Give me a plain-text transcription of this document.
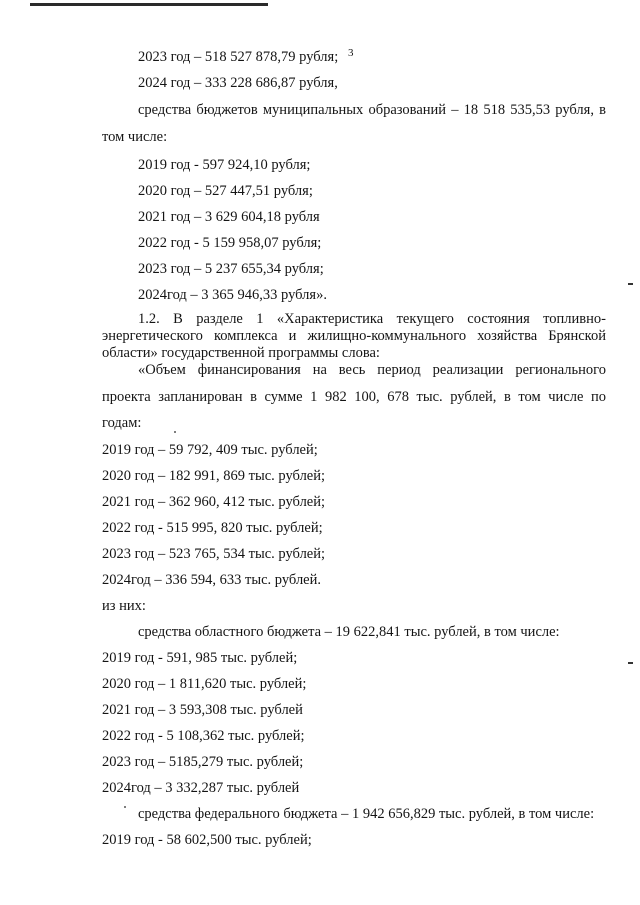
3
2023 год – 518 527 878,79 рубля;
2024 год – 333 228 686,87 рубля,
средства бюджетов муниципальных образований – 18 518 535,53 рубля, в
том числе:
2019 год - 597 924,10 рубля;
2020 год – 527 447,51 рубля;
2021 год – 3 629 604,18 рубля
2022 год - 5 159 958,07 рубля;
2023 год – 5 237 655,34 рубля;
2024год – 3 365 946,33 рубля».
1.2. В разделе 1 «Характеристика текущего состояния топливно-
энергетического комплекса и жилищно-коммунального хозяйства Брянской
области» государственной программы слова:
«Объем финансирования на весь период реализации регионального
проекта запланирован в сумме 1 982 100, 678 тыс. рублей, в том числе по
годам:
2019 год – 59 792, 409 тыс. рублей;
2020 год – 182 991, 869 тыс. рублей;
2021 год – 362 960, 412 тыс. рублей;
2022 год - 515 995, 820 тыс. рублей;
2023 год – 523 765, 534 тыс. рублей;
2024год – 336 594, 633 тыс. рублей.
из них:
средства областного бюджета – 19 622,841 тыс. рублей, в том числе:
2019 год - 591, 985 тыс. рублей;
2020 год – 1 811,620 тыс. рублей;
2021 год – 3 593,308 тыс. рублей
2022 год - 5 108,362 тыс. рублей;
2023 год – 5185,279 тыс. рублей;
2024год – 3 332,287 тыс. рублей
средства федерального бюджета – 1 942 656,829 тыс. рублей, в том числе:
2019 год - 58 602,500 тыс. рублей;
